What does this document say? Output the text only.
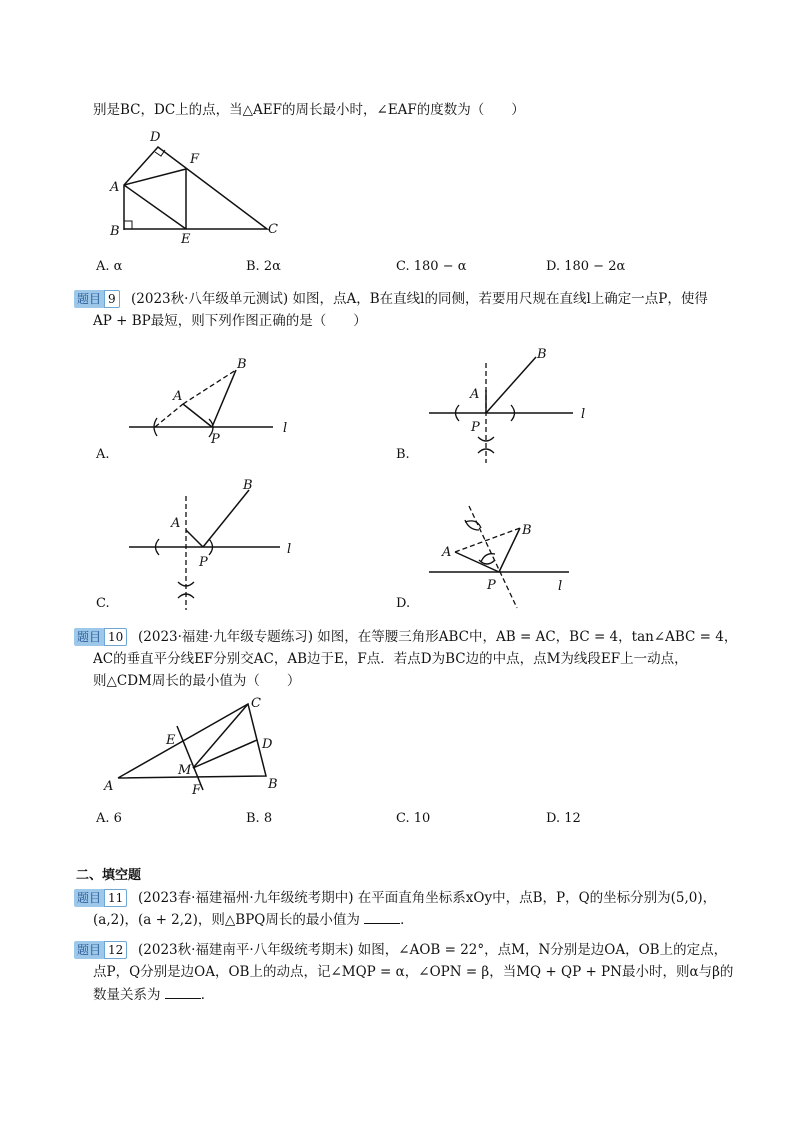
别是BC，DC上的点，当△AEF的周长最小时，∠EAF的度数为（　　）
D
F
A
B
E
C
A. α	B. 2α	C. 180 − α	D. 180 − 2α
题目 9 (2023秋·八年级单元测试) 如图，点A，B在直线l的同侧，若要用尺规在直线l上确定一点P，使得
AP + BP最短，则下列作图正确的是（　　）
A
B
P
l
A.
A
B
P
l
B.
A
B
P
l
C.
A
B
P	l
D.
题目 10 (2023·福建·九年级专题练习) 如图，在等腰三角形ABC中，AB = AC，BC = 4，tan∠ABC = 4，
AC的垂直平分线EF分别交AC，AB边于E，F点．若点D为BC边的中点，点M为线段EF上一动点，
则△CDM周长的最小值为（　　）
C
E	D
M
A	F	B
A. 6	B. 8	C. 10	D. 12
二、填空题
题目 11 (2023春·福建福州·九年级统考期中) 在平面直角坐标系xOy中，点B，P，Q的坐标分别为(5,0)，
(a,2)，(a + 2,2)，则△BPQ周长的最小值为	．
题目 12 (2023秋·福建南平·八年级统考期末) 如图，∠AOB = 22°，点M，N分别是边OA，OB上的定点，
点P，Q分别是边OA，OB上的动点，记∠MQP = α，∠OPN = β，当MQ + QP + PN最小时，则α与β的
数量关系为	．
